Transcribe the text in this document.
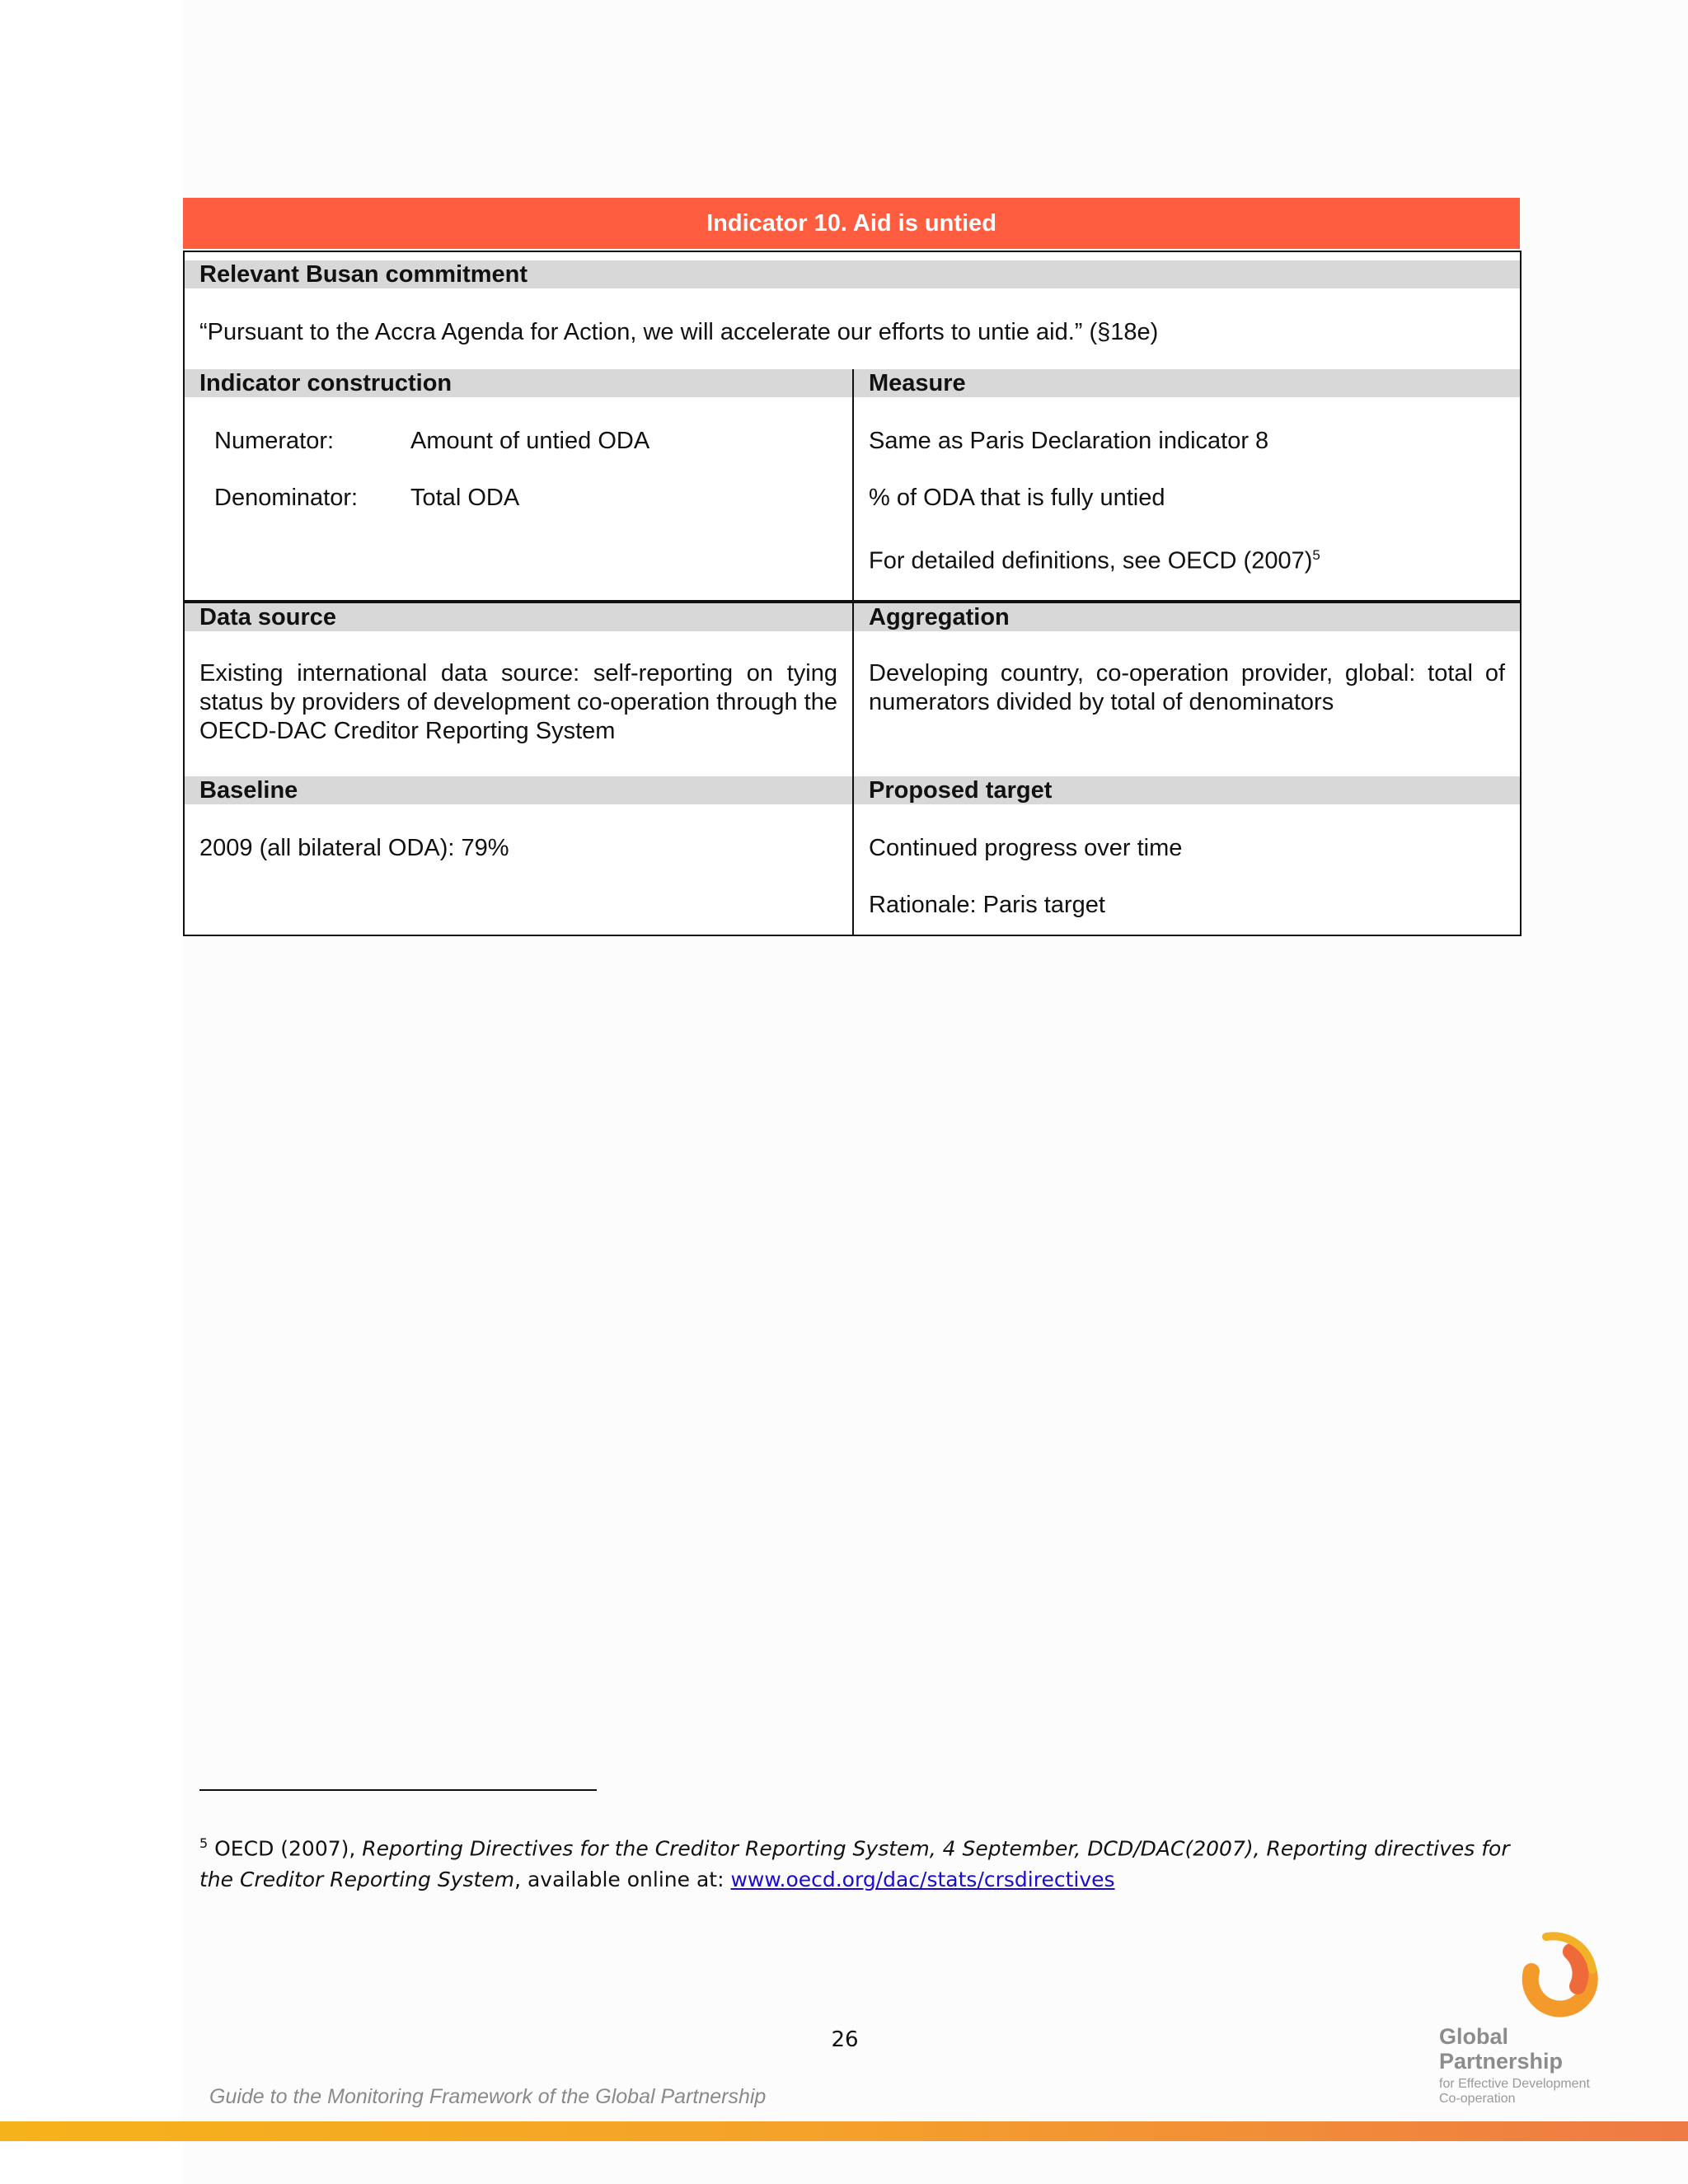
Indicator 10. Aid is untied
Relevant Busan commitment
“Pursuant to the Accra Agenda for Action, we will accelerate our efforts to untie aid.” (§18e)
Indicator construction
Numerator:	Amount of untied ODA
Denominator: Total ODA
Measure
Same as Paris Declaration indicator 8
% of ODA that is fully untied
For detailed definitions, see OECD $(2007)^5$
Data source
Existing international data source: self-reporting on tying status by providers of development co-operation through the OECD-DAC Creditor Reporting System
Aggregation
Developing country, co-operation provider, global: total of numerators divided by total of denominators
Baseline
2009 (all bilateral ODA): 79%
Proposed target
Continued progress over time
Rationale: Paris target
$^5$ OECD (2007), Reporting Directives for the Creditor Reporting System, 4 September, DCD/DAC(2007), Reporting directives for the Creditor Reporting System, available online at: www.oecd.org/dac/stats/crsdirectives
26
Guide to the Monitoring Framework of the Global Partnership
Global
Partnership
for Effective Development
Co-operation
